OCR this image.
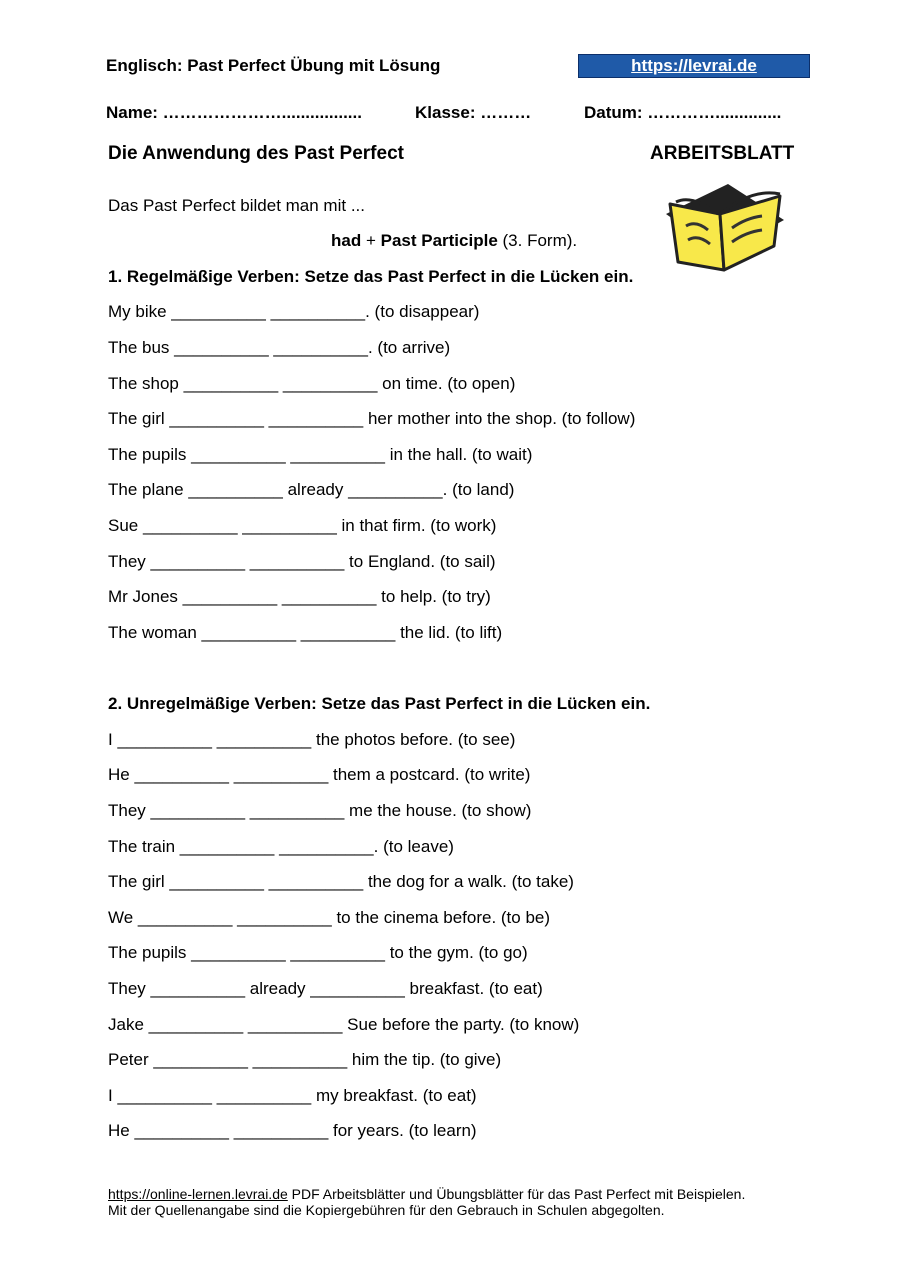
Englisch: Past Perfect Übung mit Lösung	https://levrai.de
Name: ………………….................	Klasse: ………	Datum: …………..............
Die Anwendung des Past Perfect	ARBEITSBLATT
Das Past Perfect bildet man mit ...
had + Past Participle (3. Form).
1. Regelmäßige Verben: Setze das Past Perfect in die Lücken ein.
My bike __________ __________. (to disappear)
The bus __________ __________. (to arrive)
The shop __________ __________ on time. (to open)
The girl __________ __________ her mother into the shop. (to follow)
The pupils __________ __________ in the hall. (to wait)
The plane __________ already __________. (to land)
Sue __________ __________ in that firm. (to work)
They __________ __________ to England. (to sail)
Mr Jones __________ __________ to help. (to try)
The woman __________ __________ the lid. (to lift)
2. Unregelmäßige Verben: Setze das Past Perfect in die Lücken ein.
I __________ __________ the photos before. (to see)
He __________ __________ them a postcard. (to write)
They __________ __________ me the house. (to show)
The train __________ __________. (to leave)
The girl __________ __________ the dog for a walk. (to take)
We __________ __________ to the cinema before. (to be)
The pupils __________ __________ to the gym. (to go)
They __________ already __________ breakfast. (to eat)
Jake __________ __________ Sue before the party. (to know)
Peter __________ __________ him the tip. (to give)
I __________ __________ my breakfast. (to eat)
He __________ __________ for years. (to learn)
https://online-lernen.levrai.de PDF Arbeitsblätter und Übungsblätter für das Past Perfect mit Beispielen.
Mit der Quellenangabe sind die Kopiergebühren für den Gebrauch in Schulen abgegolten.
